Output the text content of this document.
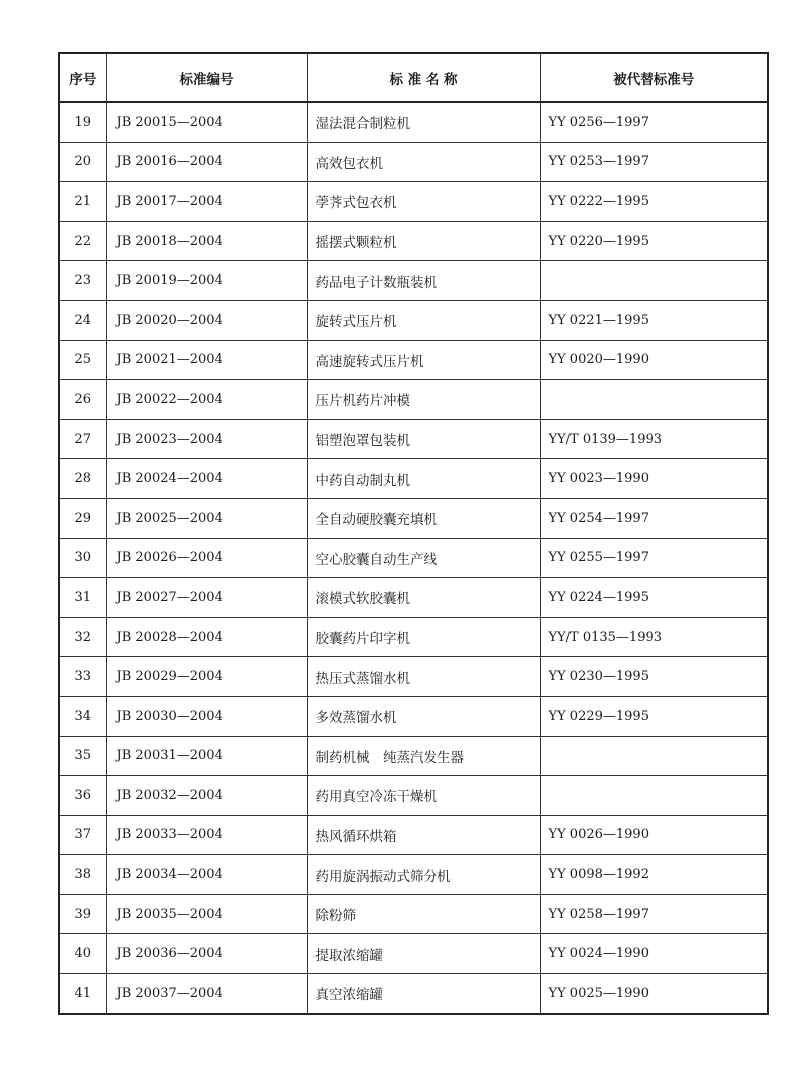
序号	标准编号	标 准 名 称	被代替标准号
19	JB 20015—2004	湿法混合制粒机	YY 0256—1997
20	JB 20016—2004	高效包衣机	YY 0253—1997
21	JB 20017—2004	荸荠式包衣机	YY 0222—1995
22	JB 20018—2004	摇摆式颗粒机	YY 0220—1995
23	JB 20019—2004	药品电子计数瓶装机	
24	JB 20020—2004	旋转式压片机	YY 0221—1995
25	JB 20021—2004	高速旋转式压片机	YY 0020—1990
26	JB 20022—2004	压片机药片冲模	
27	JB 20023—2004	铝塑泡罩包装机	YY/T 0139—1993
28	JB 20024—2004	中药自动制丸机	YY 0023—1990
29	JB 20025—2004	全自动硬胶囊充填机	YY 0254—1997
30	JB 20026—2004	空心胶囊自动生产线	YY 0255—1997
31	JB 20027—2004	滚模式软胶囊机	YY 0224—1995
32	JB 20028—2004	胶囊药片印字机	YY/T 0135—1993
33	JB 20029—2004	热压式蒸馏水机	YY 0230—1995
34	JB 20030—2004	多效蒸馏水机	YY 0229—1995
35	JB 20031—2004	制药机械　纯蒸汽发生器	
36	JB 20032—2004	药用真空冷冻干燥机	
37	JB 20033—2004	热风循环烘箱	YY 0026—1990
38	JB 20034—2004	药用旋涡振动式筛分机	YY 0098—1992
39	JB 20035—2004	除粉筛	YY 0258—1997
40	JB 20036—2004	提取浓缩罐	YY 0024—1990
41	JB 20037—2004	真空浓缩罐	YY 0025—1990
